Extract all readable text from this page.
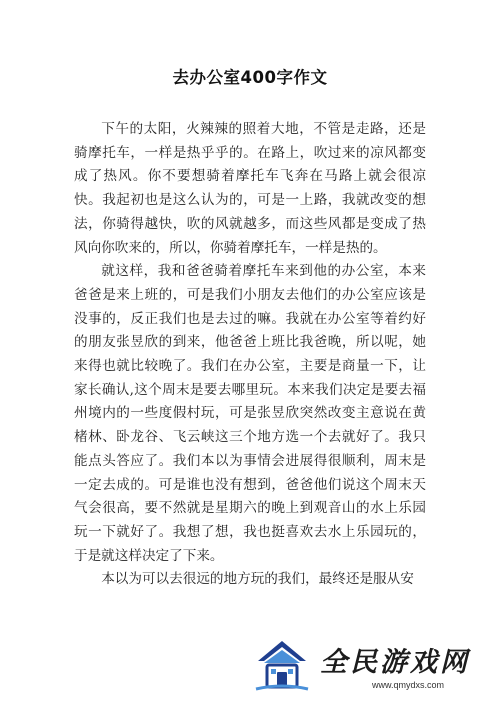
去办公室400字作文

下午的太阳，火辣辣的照着大地，不管是走路，还是骑摩托车，一样是热乎乎的。在路上，吹过来的凉风都变成了热风。你不要想骑着摩托车飞奔在马路上就会很凉快。我起初也是这么认为的，可是一上路，我就改变的想法，你骑得越快，吹的风就越多，而这些风都是变成了热风向你吹来的，所以，你骑着摩托车，一样是热的。

就这样，我和爸爸骑着摩托车来到他的办公室，本来爸爸是来上班的，可是我们小朋友去他们的办公室应该是没事的，反正我们也是去过的嘛。我就在办公室等着约好的朋友张昱欣的到来，他爸爸上班比我爸晚，所以呢，她来得也就比较晚了。我们在办公室，主要是商量一下，让家长确认,这个周末是要去哪里玩。本来我们决定是要去福州境内的一些度假村玩，可是张昱欣突然改变主意说在黄楮林、卧龙谷、飞云峡这三个地方选一个去就好了。我只能点头答应了。我们本以为事情会进展得很顺利，周末是一定去成的。可是谁也没有想到，爸爸他们说这个周末天气会很高，要不然就是星期六的晚上到观音山的水上乐园玩一下就好了。我想了想，我也挺喜欢去水上乐园玩的，于是就这样决定了下来。

本以为可以去很远的地方玩的我们，最终还是服从安

全民游戏网
www.qmydxs.com
